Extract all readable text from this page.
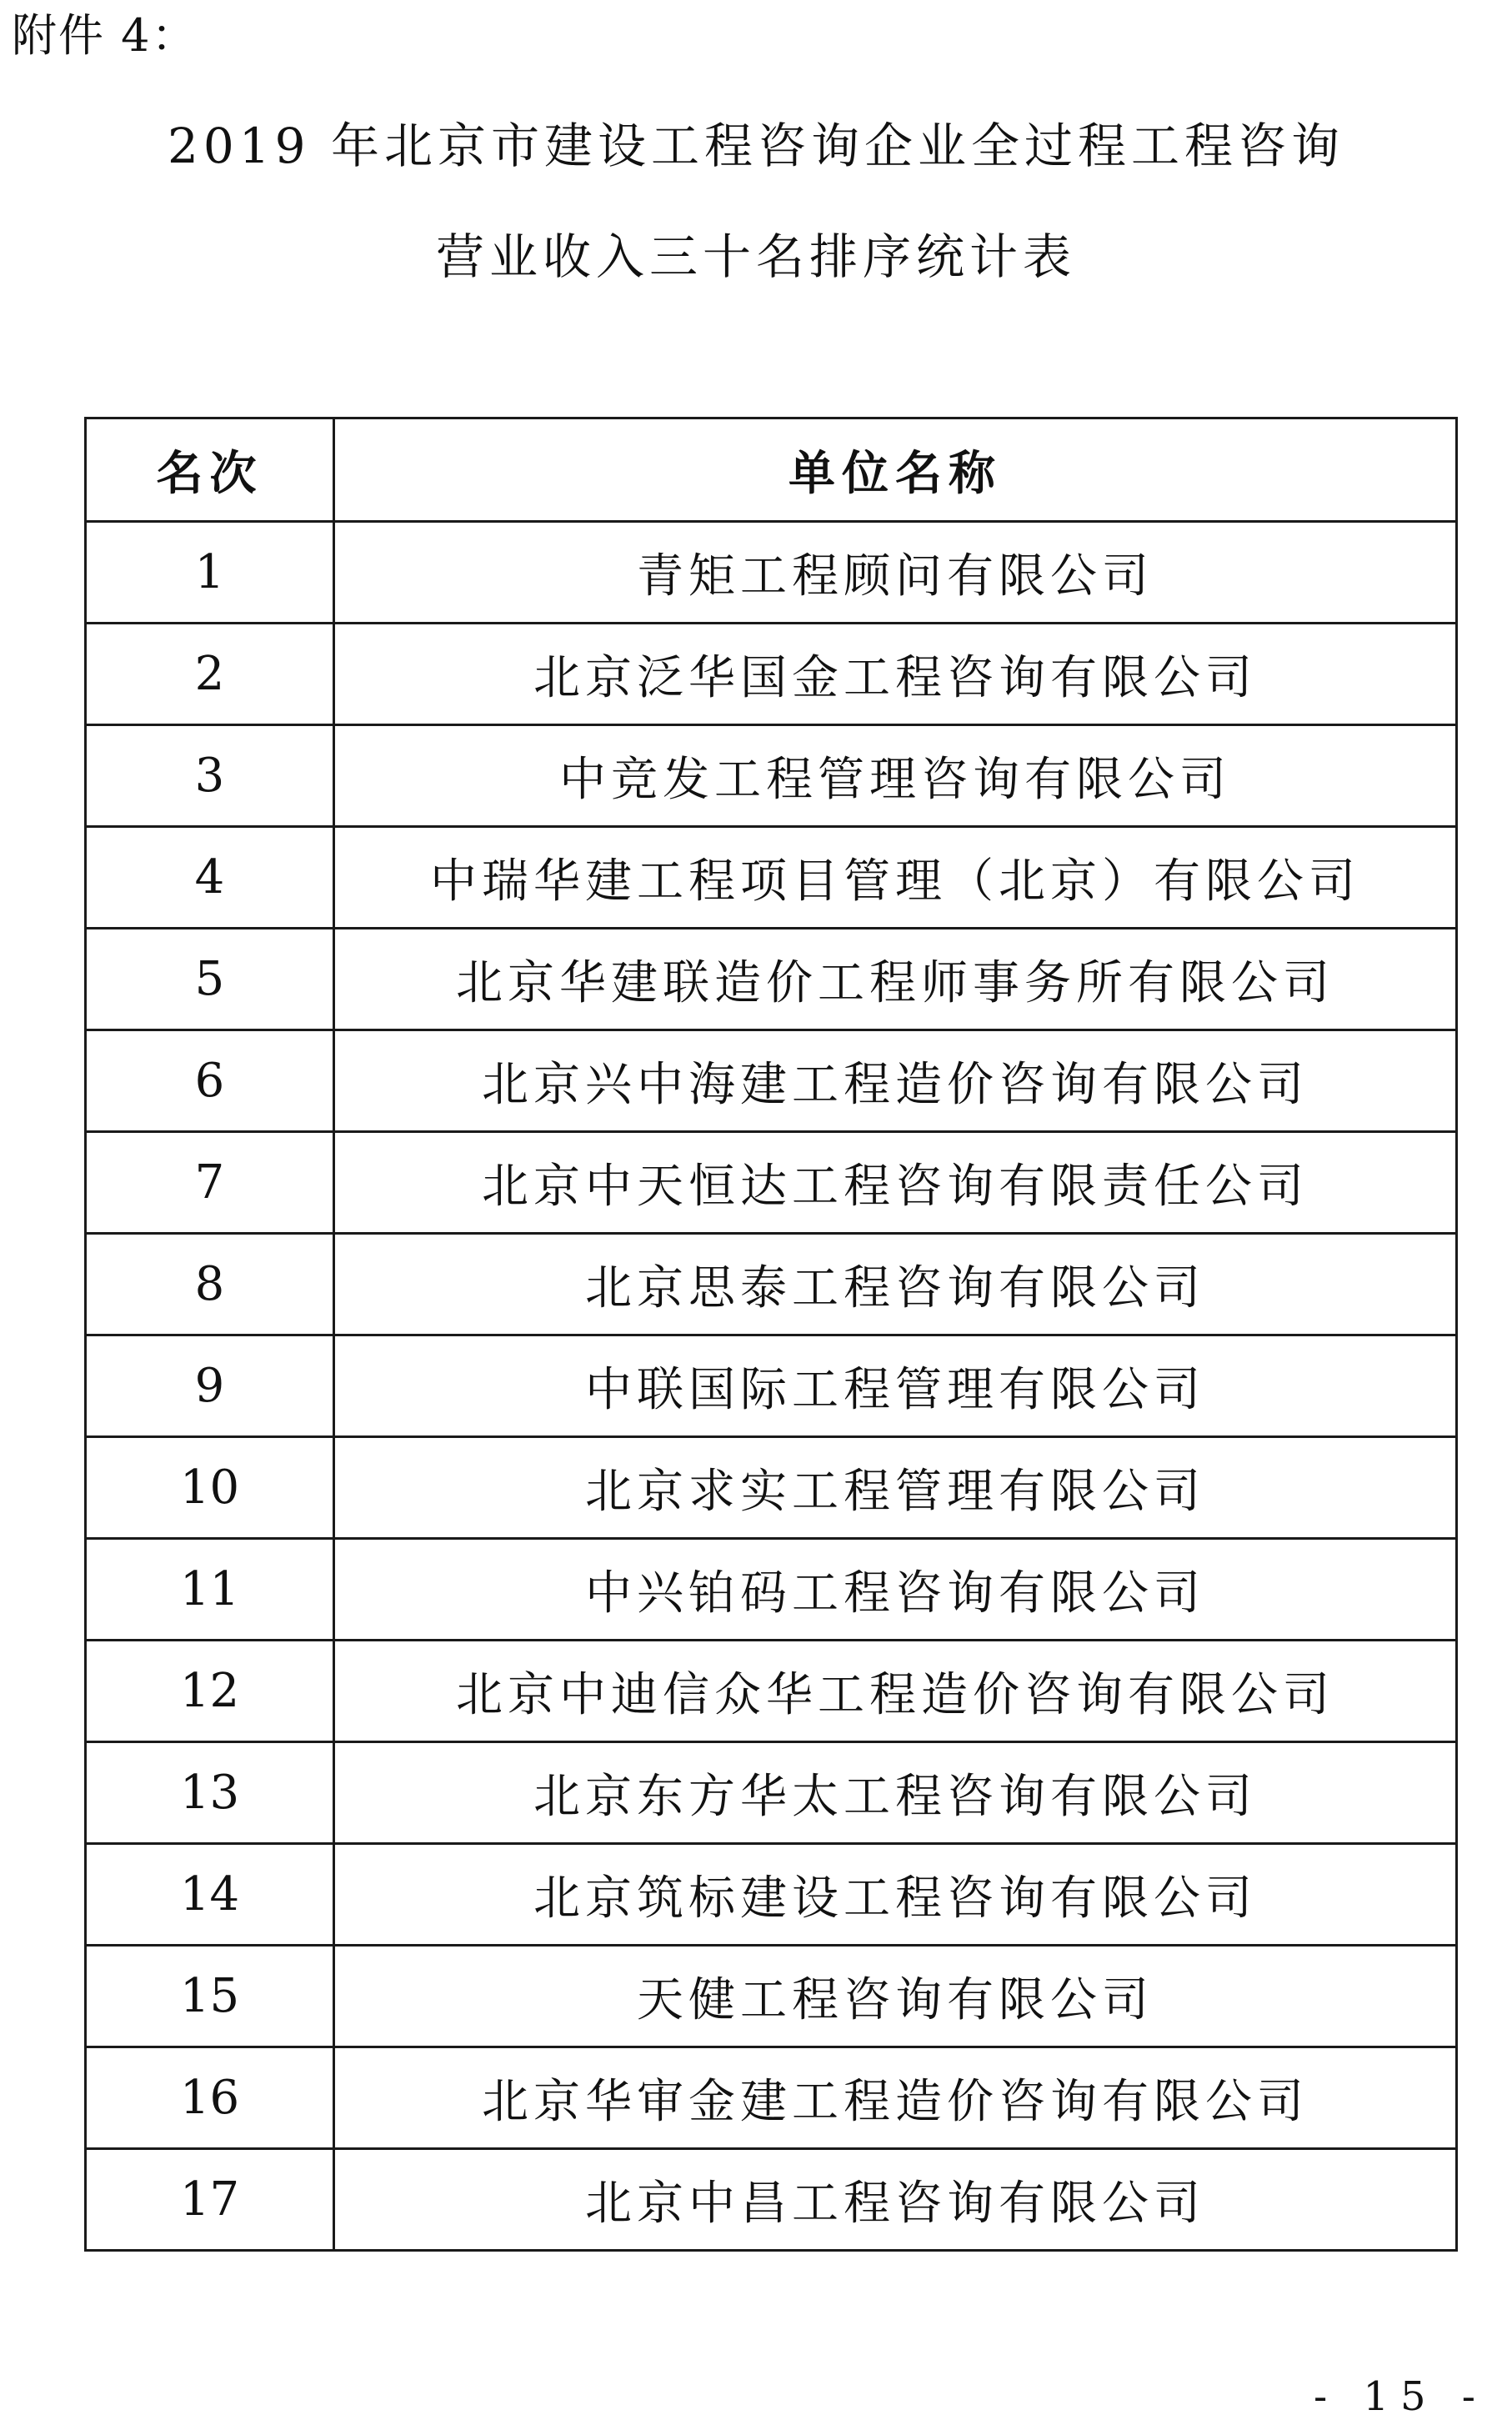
附件 4：
2019 年北京市建设工程咨询企业全过程工程咨询
营业收入三十名排序统计表
名次	单位名称
1	青矩工程顾问有限公司
2	北京泛华国金工程咨询有限公司
3	中竞发工程管理咨询有限公司
4	中瑞华建工程项目管理（北京）有限公司
5	北京华建联造价工程师事务所有限公司
6	北京兴中海建工程造价咨询有限公司
7	北京中天恒达工程咨询有限责任公司
8	北京思泰工程咨询有限公司
9	中联国际工程管理有限公司
10	北京求实工程管理有限公司
11	中兴铂码工程咨询有限公司
12	北京中迪信众华工程造价咨询有限公司
13	北京东方华太工程咨询有限公司
14	北京筑标建设工程咨询有限公司
15	天健工程咨询有限公司
16	北京华审金建工程造价咨询有限公司
17	北京中昌工程咨询有限公司
- 15 -
